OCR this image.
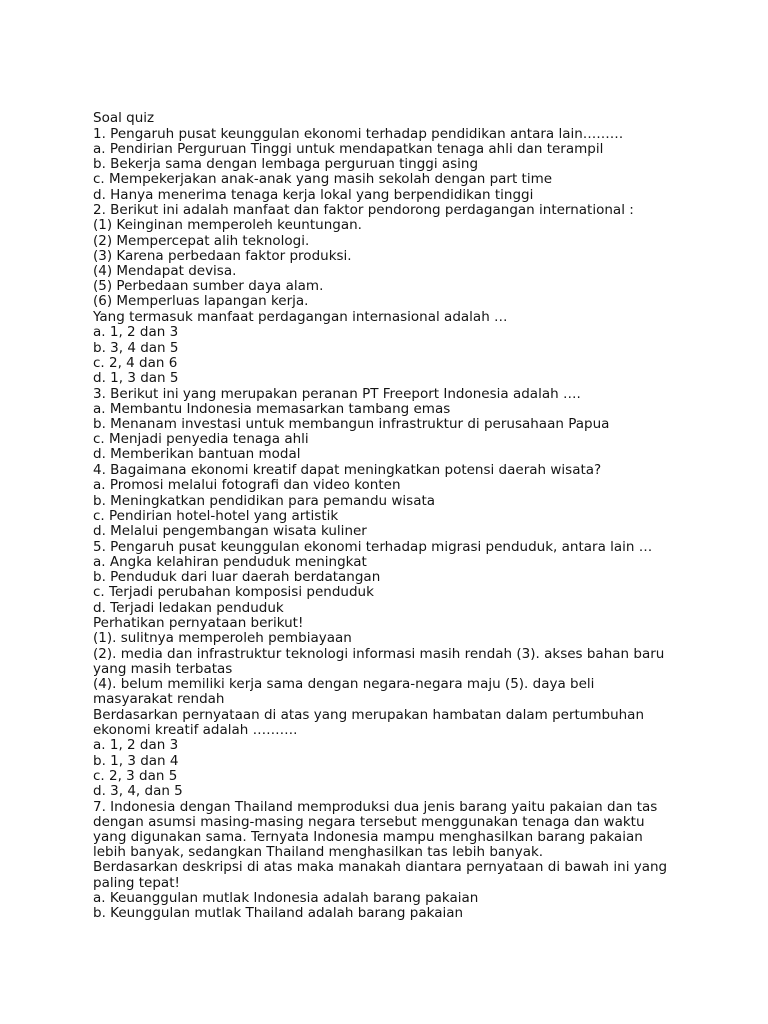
Soal quiz
1. Pengaruh pusat keunggulan ekonomi terhadap pendidikan antara lain………
a. Pendirian Perguruan Tinggi untuk mendapatkan tenaga ahli dan terampil
b. Bekerja sama dengan lembaga perguruan tinggi asing
c. Mempekerjakan anak-anak yang masih sekolah dengan part time
d. Hanya menerima tenaga kerja lokal yang berpendidikan tinggi
2. Berikut ini adalah manfaat dan faktor pendorong perdagangan international :
(1) Keinginan memperoleh keuntungan.
(2) Mempercepat alih teknologi.
(3) Karena perbedaan faktor produksi.
(4) Mendapat devisa.
(5) Perbedaan sumber daya alam.
(6) Memperluas lapangan kerja.
Yang termasuk manfaat perdagangan internasional adalah …
a. 1, 2 dan 3
b. 3, 4 dan 5
c. 2, 4 dan 6
d. 1, 3 dan 5
3. Berikut ini yang merupakan peranan PT Freeport Indonesia adalah ….
a. Membantu Indonesia memasarkan tambang emas
b. Menanam investasi untuk membangun infrastruktur di perusahaan Papua
c. Menjadi penyedia tenaga ahli
d. Memberikan bantuan modal
4. Bagaimana ekonomi kreatif dapat meningkatkan potensi daerah wisata?
a. Promosi melalui fotografi dan video konten
b. Meningkatkan pendidikan para pemandu wisata
c. Pendirian hotel-hotel yang artistik
d. Melalui pengembangan wisata kuliner
5. Pengaruh pusat keunggulan ekonomi terhadap migrasi penduduk, antara lain …
a. Angka kelahiran penduduk meningkat
b. Penduduk dari luar daerah berdatangan
c. Terjadi perubahan komposisi penduduk
d. Terjadi ledakan penduduk
Perhatikan pernyataan berikut!
(1). sulitnya memperoleh pembiayaan
(2). media dan infrastruktur teknologi informasi masih rendah (3). akses bahan baru
yang masih terbatas
(4). belum memiliki kerja sama dengan negara-negara maju (5). daya beli
masyarakat rendah
Berdasarkan pernyataan di atas yang merupakan hambatan dalam pertumbuhan
ekonomi kreatif adalah ……….
a. 1, 2 dan 3
b. 1, 3 dan 4
c. 2, 3 dan 5
d. 3, 4, dan 5
7. Indonesia dengan Thailand memproduksi dua jenis barang yaitu pakaian dan tas
dengan asumsi masing-masing negara tersebut menggunakan tenaga dan waktu
yang digunakan sama. Ternyata Indonesia mampu menghasilkan barang pakaian
lebih banyak, sedangkan Thailand menghasilkan tas lebih banyak.
Berdasarkan deskripsi di atas maka manakah diantara pernyataan di bawah ini yang
paling tepat!
a. Keuanggulan mutlak Indonesia adalah barang pakaian
b. Keunggulan mutlak Thailand adalah barang pakaian
